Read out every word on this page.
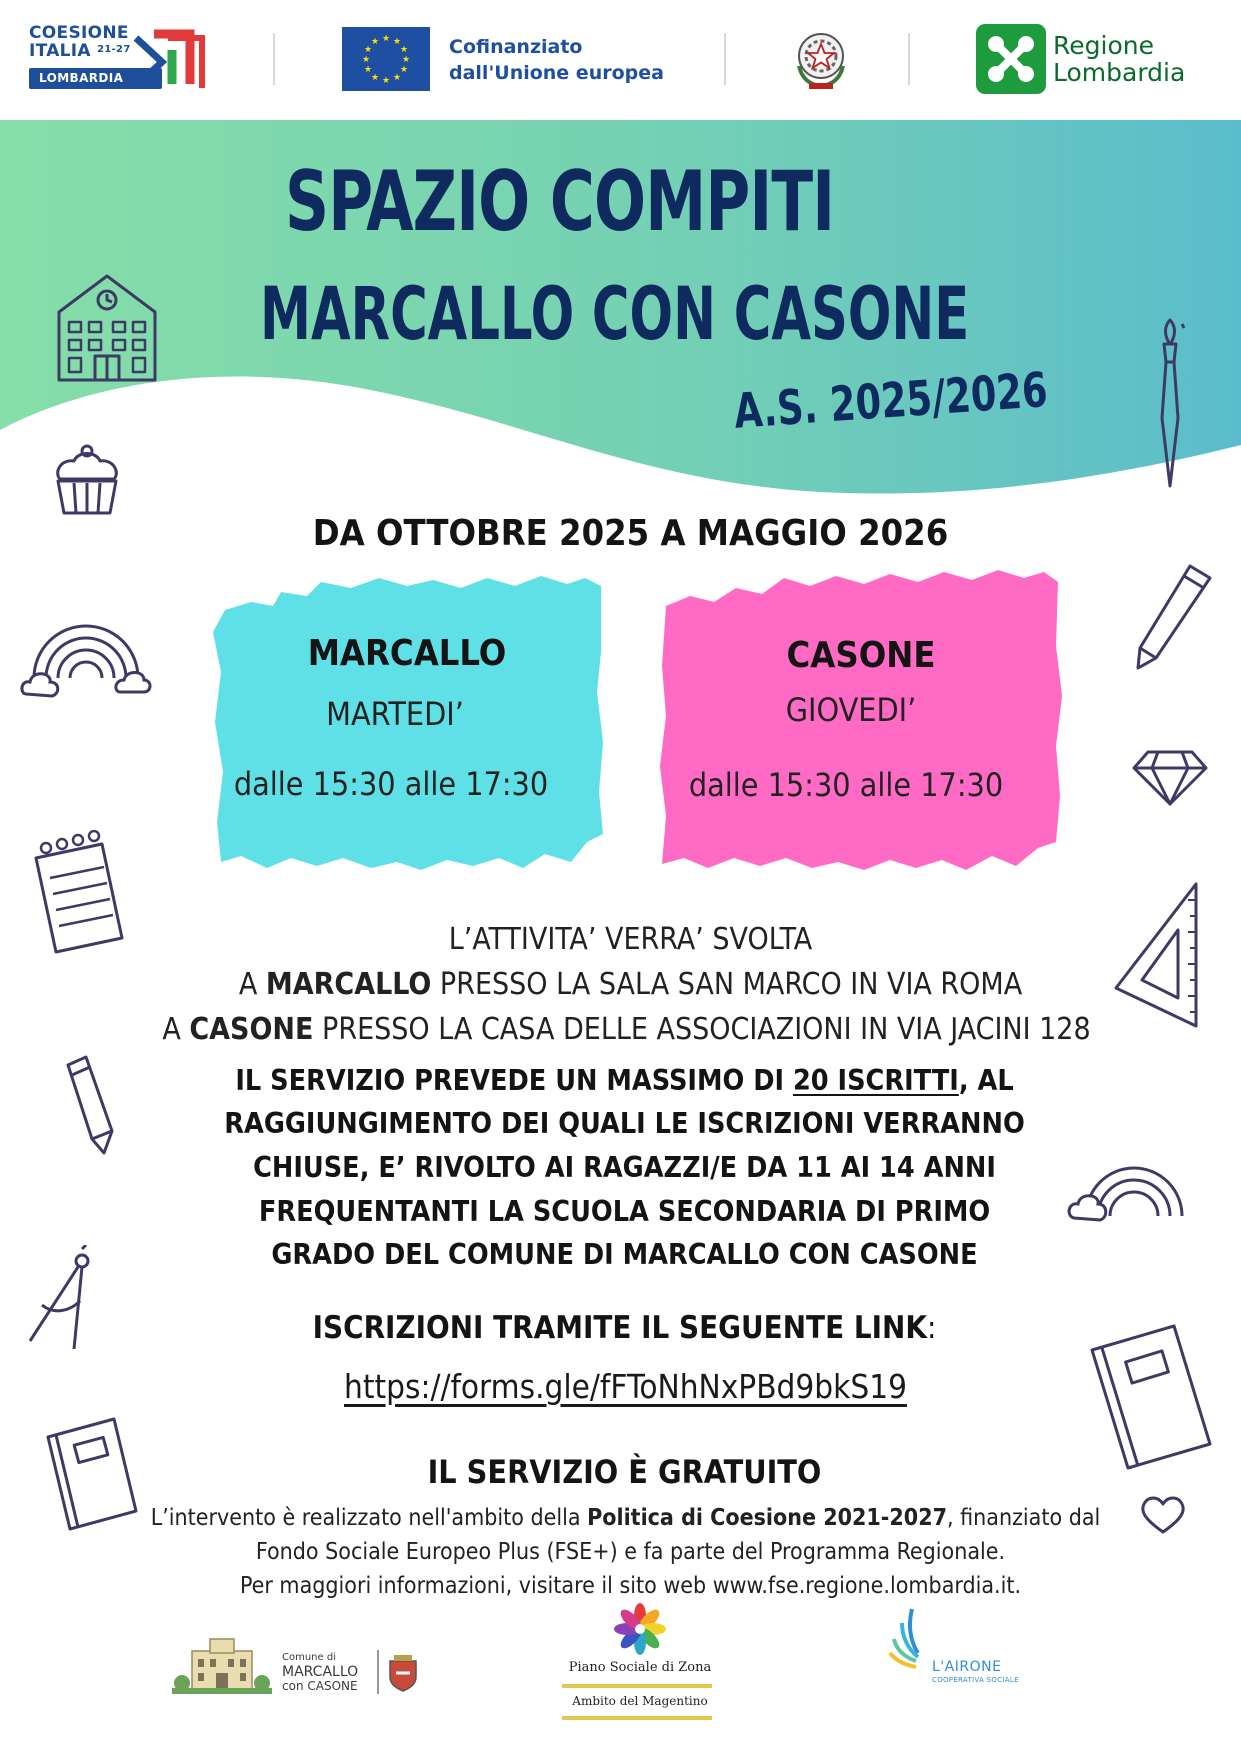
COESIONE
ITALIA $^{21-27}$
LOMBARDIA
★ ★
★
★
★
★
★
★
★
★
★
★	Cofinanziato
dall'Unione europea
Regione
Lombardia
SPAZIO COMPITI
MARCALLO CON CASONE
A.S. 2025/2026
DA OTTOBRE 2025 A MAGGIO 2026
MARCALLO
MARTEDI’
dalle 15:30 alle 17:30
CASONE
GIOVEDI’
dalle 15:30 alle 17:30
L’ATTIVITA’ VERRA’ SVOLTA
A MARCALLO PRESSO LA SALA SAN MARCO IN VIA ROMA
A CASONE PRESSO LA CASA DELLE ASSOCIAZIONI IN VIA JACINI 128
IL SERVIZIO PREVEDE UN MASSIMO DI 20 ISCRITTI, AL
RAGGIUNGIMENTO DEI QUALI LE ISCRIZIONI VERRANNO
CHIUSE, E’ RIVOLTO AI RAGAZZI/E DA 11 AI 14 ANNI
FREQUENTANTI LA SCUOLA SECONDARIA DI PRIMO
GRADO DEL COMUNE DI MARCALLO CON CASONE
ISCRIZIONI TRAMITE IL SEGUENTE LINK:
https://forms.gle/fFToNhNxPBd9bkS19
IL SERVIZIO È GRATUITO
L’intervento è realizzato nell'ambito della Politica di Coesione 2021-2027, finanziato dal
Fondo Sociale Europeo Plus (FSE+) e fa parte del Programma Regionale.
Per maggiori informazioni, visitare il sito web www.fse.regione.lombardia.it.
Comune di
MARCALLO
con CASONE
Piano Sociale di Zona
Ambito del Magentino
L'AIRONE
COOPERATIVA SOCIALE
